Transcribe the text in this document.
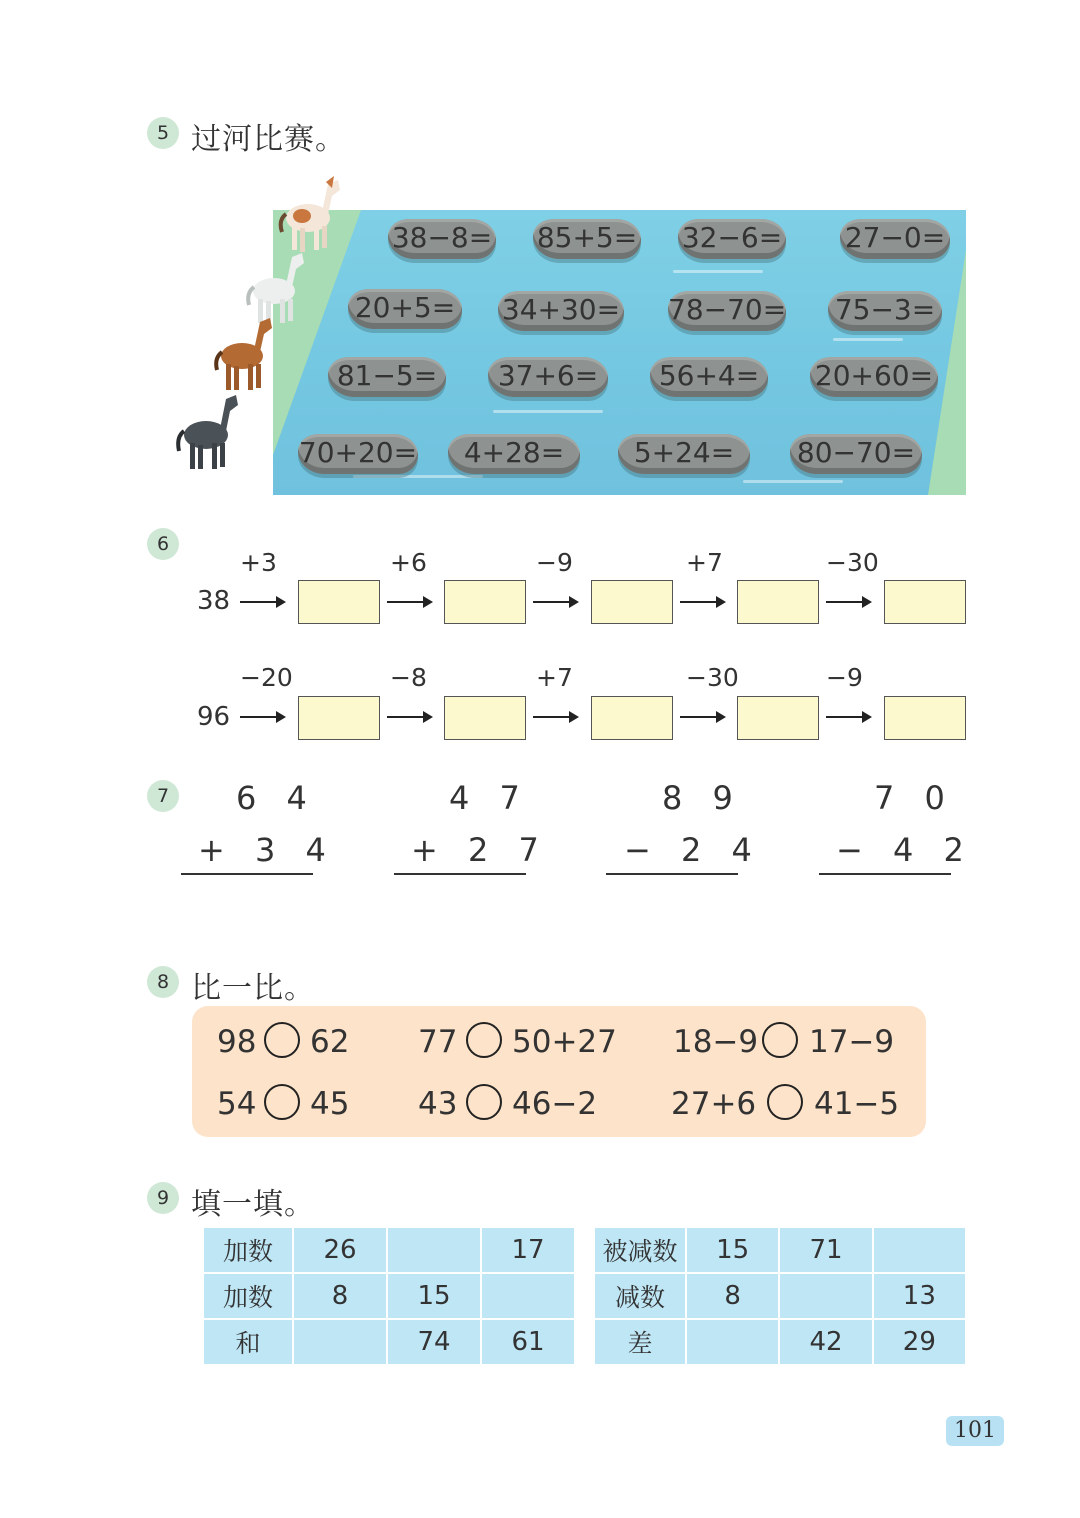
5 过河比赛。
38−8= 85+5= 32−6= 27−0=
20+5= 34+30= 78−70= 75−3=
81−5=	37+6=	56+4=	20+60=
70+20=	4+28=	5+24=	80−70=
6
38
+3	+6	−9	+7	−30
96
−20	−8	+7	−30	−9
7	6 4
+ 3 4
4 7
+ 2 7
8 9
− 2 4
7 0
− 4 2
8 比一比。
98 62 77 50+27 18−9 17−9
54 45 43 46−2 27+6 41−5
9 填一填。
加数	26		17
加数	8	15	
和		74	61
被减数	15	71	
减数	8		13
差		42	29
101
